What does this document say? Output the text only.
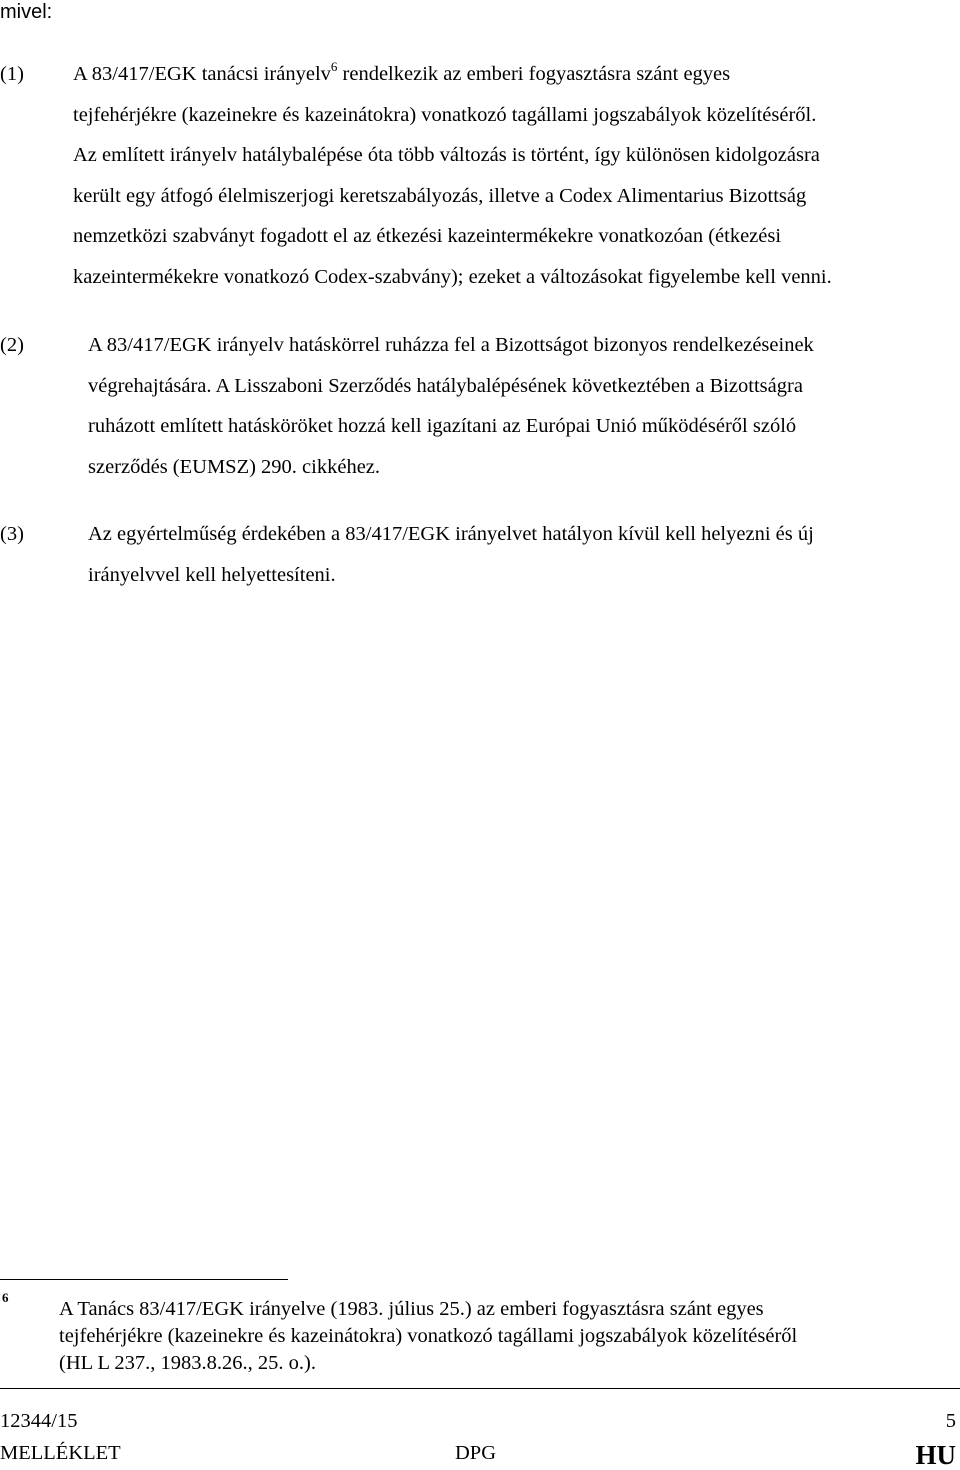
mivel:
(1) A 83/417/EGK tanácsi irányelv$^6$ rendelkezik az emberi fogyasztásra szánt egyes
tejfehérjékre (kazeinekre és kazeinátokra) vonatkozó tagállami jogszabályok közelítéséről.
Az említett irányelv hatálybalépése óta több változás is történt, így különösen kidolgozásra
került egy átfogó élelmiszerjogi keretszabályozás, illetve a Codex Alimentarius Bizottság
nemzetközi szabványt fogadott el az étkezési kazeintermékekre vonatkozóan (étkezési
kazeintermékekre vonatkozó Codex-szabvány); ezeket a változásokat figyelembe kell venni.
(2)	A 83/417/EGK irányelv hatáskörrel ruházza fel a Bizottságot bizonyos rendelkezéseinek
végrehajtására. A Lisszaboni Szerződés hatálybalépésének következtében a Bizottságra
ruházott említett hatásköröket hozzá kell igazítani az Európai Unió működéséről szóló
szerződés (EUMSZ) 290. cikkéhez.
(3)	Az egyértelműség érdekében a 83/417/EGK irányelvet hatályon kívül kell helyezni és új
irányelvvel kell helyettesíteni.
6
A Tanács 83/417/EGK irányelve (1983. július 25.) az emberi fogyasztásra szánt egyes
tejfehérjékre (kazeinekre és kazeinátokra) vonatkozó tagállami jogszabályok közelítéséről
(HL L 237., 1983.8.26., 25. o.).
12344/15	5
MELLÉKLET	DPG	HU
